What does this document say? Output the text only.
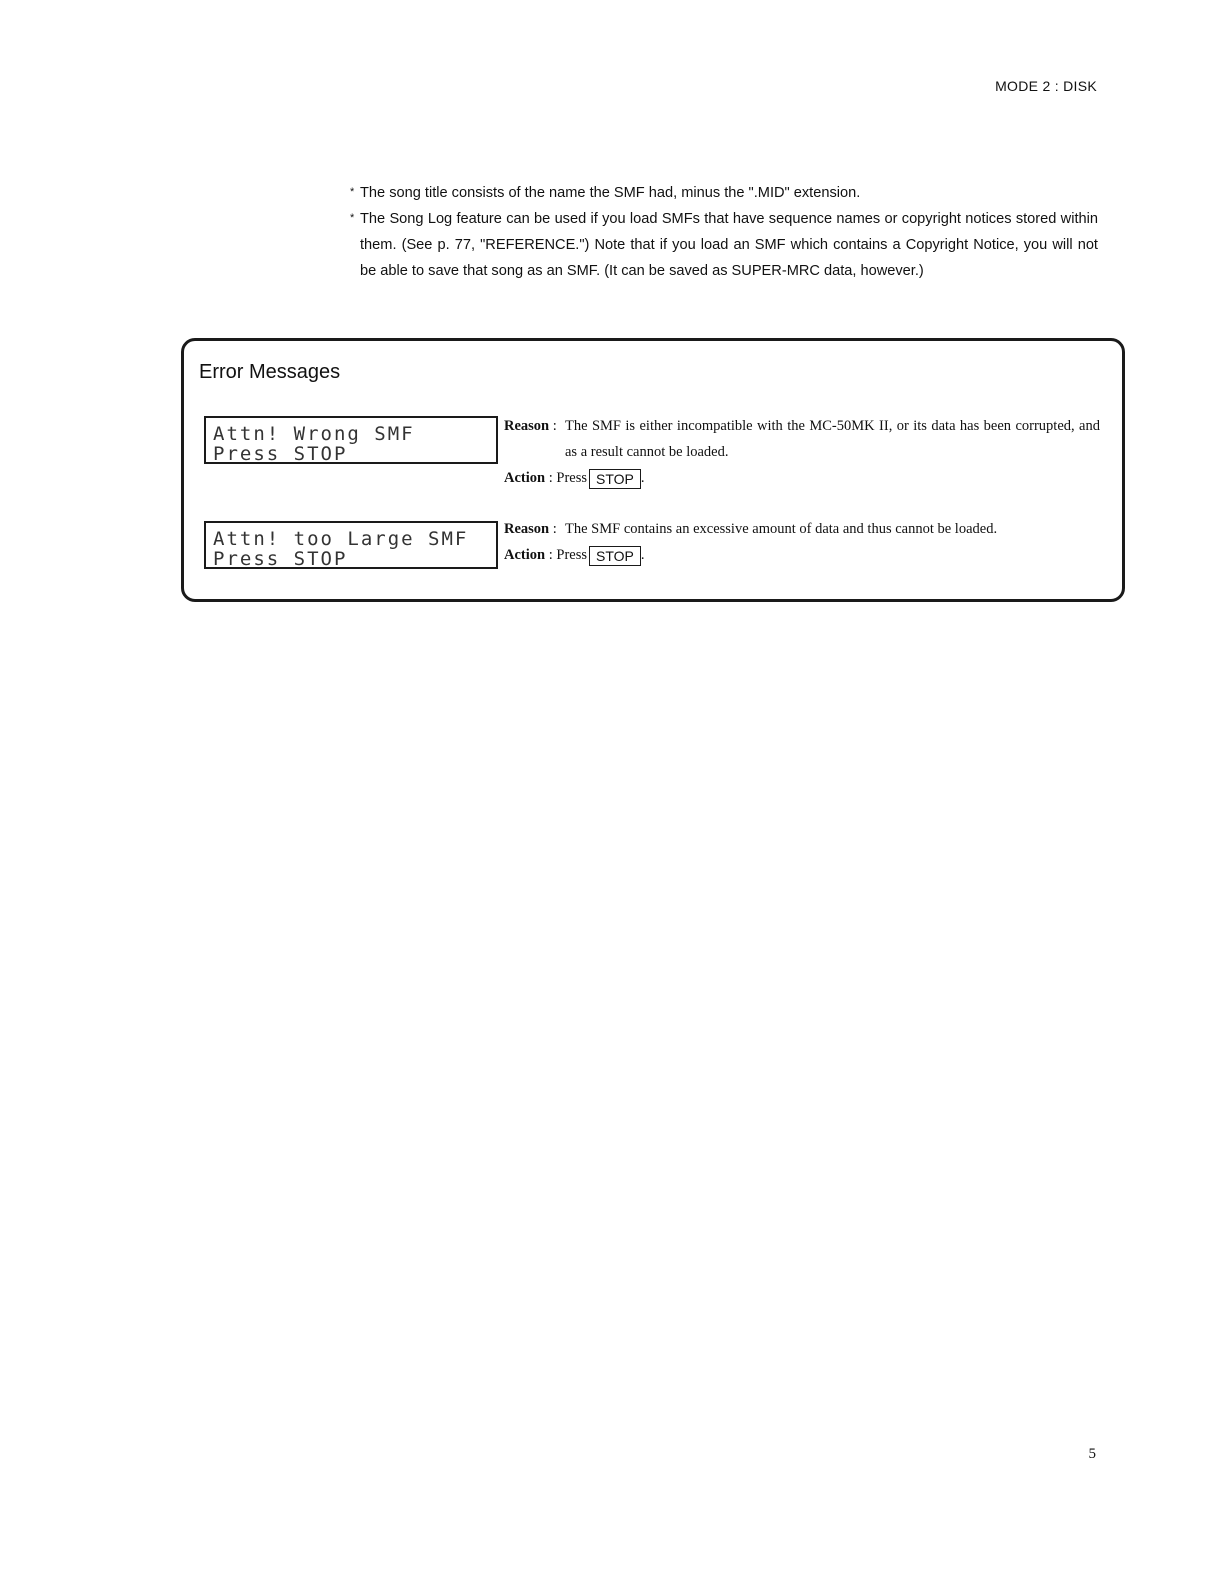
MODE 2 : DISK
* The song title consists of the name the SMF had, minus the ".MID" extension.
* The Song Log feature can be used if you load SMFs that have sequence names or copyright notices stored within them. (See p. 77, "REFERENCE.") Note that if you load an SMF which contains a Copyright Notice, you will not be able to save that song as an SMF. (It can be saved as SUPER-MRC data, however.)
Error Messages
Attn! Wrong SMF
Press STOP
Reason : The SMF is either incompatible with the MC-50MK II, or its data has been corrupted, and as a result cannot be loaded.
Action : Press STOP .
Attn! too Large SMF
Press STOP
Reason : The SMF contains an excessive amount of data and thus cannot be loaded.
Action : Press STOP .
5
